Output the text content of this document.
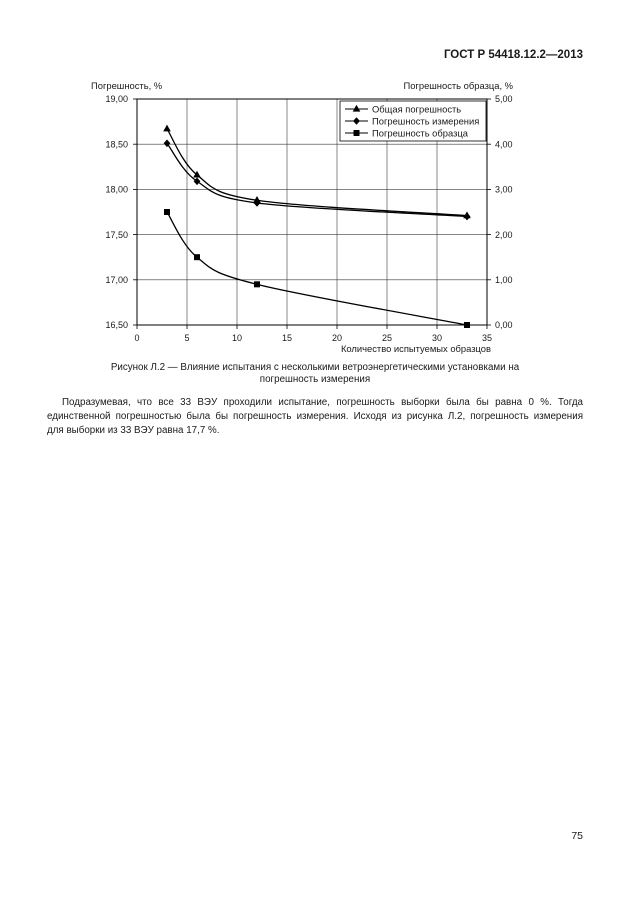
ГОСТ Р 54418.12.2—2013
0	5	10	15	20	25	30	35
16,50
17,00
17,50
18,00
18,50
19,00
0,00
1,00
2,00
3,00
4,00
5,00
Погрешность, %	Погрешность образца, %
Количество испытуемых образцов
Общая погрешность
Погрешность измерения
Погрешность образца
Рисунок Л.2 — Влияние испытания с несколькими ветроэнергетическими установками на
погрешность измерения
Подразумевая, что все 33 ВЭУ проходили испытание, погрешность выборки была бы равна 0 %. Тогда
единственной погрешностью была бы погрешность измерения. Исходя из рисунка Л.2, погрешность измерения
для выборки из 33 ВЭУ равна 17,7 %.
75
